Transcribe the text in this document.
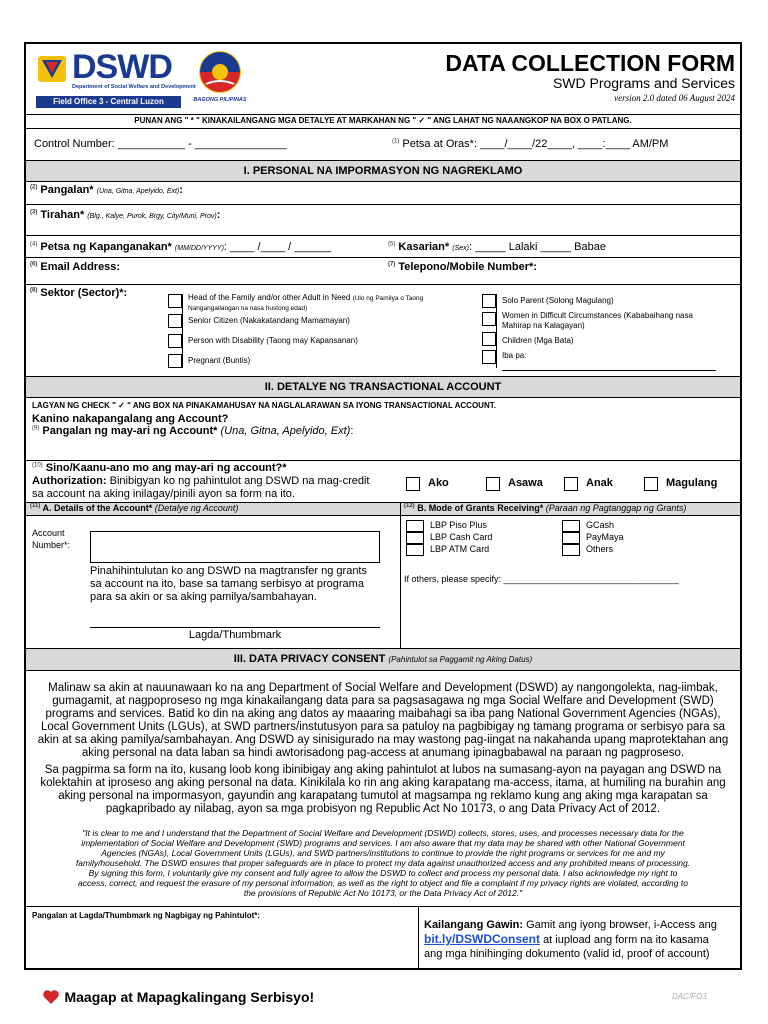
DSWD
Department of Social Welfare and Development
Field Office 3 - Central Luzon	BAGONG PILIPINAS
DATA COLLECTION FORM
SWD Programs and Services
version 2.0 dated 06 August 2024
PUNAN ANG " * " KINAKAILANGANG MGA DETALYE AT MARKAHAN NG " ✓ " ANG LAHAT NG NAAANGKOP NA BOX O PATLANG.
Control Number: ___________ - _______________	$^{(1)}$ Petsa at Oras*: ____/____/22____, ____:____ AM/PM
I. PERSONAL NA IMPORMASYON NG NAGREKLAMO
$^{(2)}$ Pangalan* (Una, Gitna, Apelyido, Ext):
$^{(3)}$ Tirahan* (Blg., Kalye, Purok, Brgy, City/Muni, Prov):
$^{(4)}$ Petsa ng Kapanganakan* (MM/DD/YYYY): ____ /____ / ______	$^{(5)}$ Kasarian* (Sex): _____ Lalaki _____ Babae
$^{(6)}$ Email Address:	$^{(7)}$ Telepono/Mobile Number*:
$^{(8)}$ Sektor (Sector)*:	Head of the Family and/or other Adult in Need (Ulo ng Pamilya o Taong
Nangangailangan na nasa hustong edad)
Senior Citizen (Nakakatandang Mamamayan)
Person with Disability (Taong may Kapansanan)
Pregnant (Buntis)
Solo Parent (Solong Magulang)
Women in Difficult Circumstances (Kababaihang nasa
Mahirap na Kalagayan)
Children (Mga Bata)
Iba pa:
II. DETALYE NG TRANSACTIONAL ACCOUNT
LAGYAN NG CHECK " ✓ " ANG BOX NA PINAKAMAHUSAY NA NAGLALARAWAN SA IYONG TRANSACTIONAL ACCOUNT.
Kanino nakapangalang ang Account?
$^{(9)}$ Pangalan ng may-ari ng Account* (Una, Gitna, Apelyido, Ext):
$^{(10)}$ Sino/Kaanu-ano mo ang may-ari ng account?*
Authorization: Binibigyan ko ng pahintulot ang DSWD na mag-credit
sa account na aking inilagay/pinili ayon sa form na ito.
Ako	Asawa	Anak	Magulang
$^{(11)}$ A. Details of the Account* (Detalye ng Account)	$^{(12)}$ B. Mode of Grants Receiving* (Paraan ng Pagtanggap ng Grants)
Account
Number*:
Pinahihintulutan ko ang DSWD na magtransfer ng grants
sa account na ito, base sa tamang serbisyo at programa
para sa akin or sa aking pamilya/sambahayan.
Lagda/Thumbmark
LBP Piso Plus
LBP Cash Card
LBP ATM Card
GCash
PayMaya
Others
If others, please specify: ___________________________________
III. DATA PRIVACY CONSENT (Pahintulot sa Paggamit ng Aking Datus)
Malinaw sa akin at nauunawaan ko na ang Department of Social Welfare and Development (DSWD) ay nangongolekta, nag-iimbak,
gumagamit, at nagpoproseso ng mga kinakailangang data para sa pagsasagawa ng mga Social Welfare and Development (SWD)
programs and services. Batid ko din na aking ang datos ay maaaring maibahagi sa iba pang National Government Agencies (NGAs),
Local Government Units (LGUs), at SWD partners/instutusyon para sa patuloy na pagbibigay ng tamang programa or serbisyo para sa
akin at sa aking pamilya/sambahayan. Ang DSWD ay sinisigurado na may wastong pag-iingat na nakahanda upang maprotektahan ang
aking personal na data laban sa hindi awtorisadong pag-access at anumang ipinagbabawal na paraan ng pagproseso.
Sa pagpirma sa form na ito, kusang loob kong ibinibigay ang aking pahintulot at lubos na sumasang-ayon na payagan ang DSWD na
kolektahin at iproseso ang aking personal na data. Kinikilala ko rin ang aking karapatang ma-access, itama, at humiling na burahin ang
aking personal na impormasyon, gayundin ang karapatang tumutol at magsampa ng reklamo kung ang aking mga karapatan sa
pagkapribado ay nilabag, ayon sa mga probisyon ng Republic Act No 10173, o ang Data Privacy Act of 2012.
"It is clear to me and I understand that the Department of Social Welfare and Development (DSWD) collects, stores, uses, and processes necessary data for the
implementation of Social Welfare and Development (SWD) programs and services. I am also aware that my data may be shared with other National Government
Agencies (NGAs), Local Government Units (LGUs), and SWD partners/institutions to continue to provide the right programs or services for me and my
family/household. The DSWD ensures that proper safeguards are in place to protect my data against unauthorized access and any prohibited means of processing.
By signing this form, I voluntarily give my consent and fully agree to allow the DSWD to collect and process my personal data. I also acknowledge my right to
access, correct, and request the erasure of my personal information, as well as the right to object and file a complaint if my privacy rights are violated, according to
the provisions of Republic Act No 10173, or the Data Privacy Act of 2012."
Pangalan at Lagda/Thumbmark ng Nagbigay ng Pahintulot*:
Kailangang Gawin: Gamit ang iyong browser, i-Access ang
bit.ly/DSWDConsent at iupload ang form na ito kasama
ang mga hinihinging dokumento (valid id, proof of account)
Maagap at Mapagkalingang Serbisyo!	DAC/FO3
